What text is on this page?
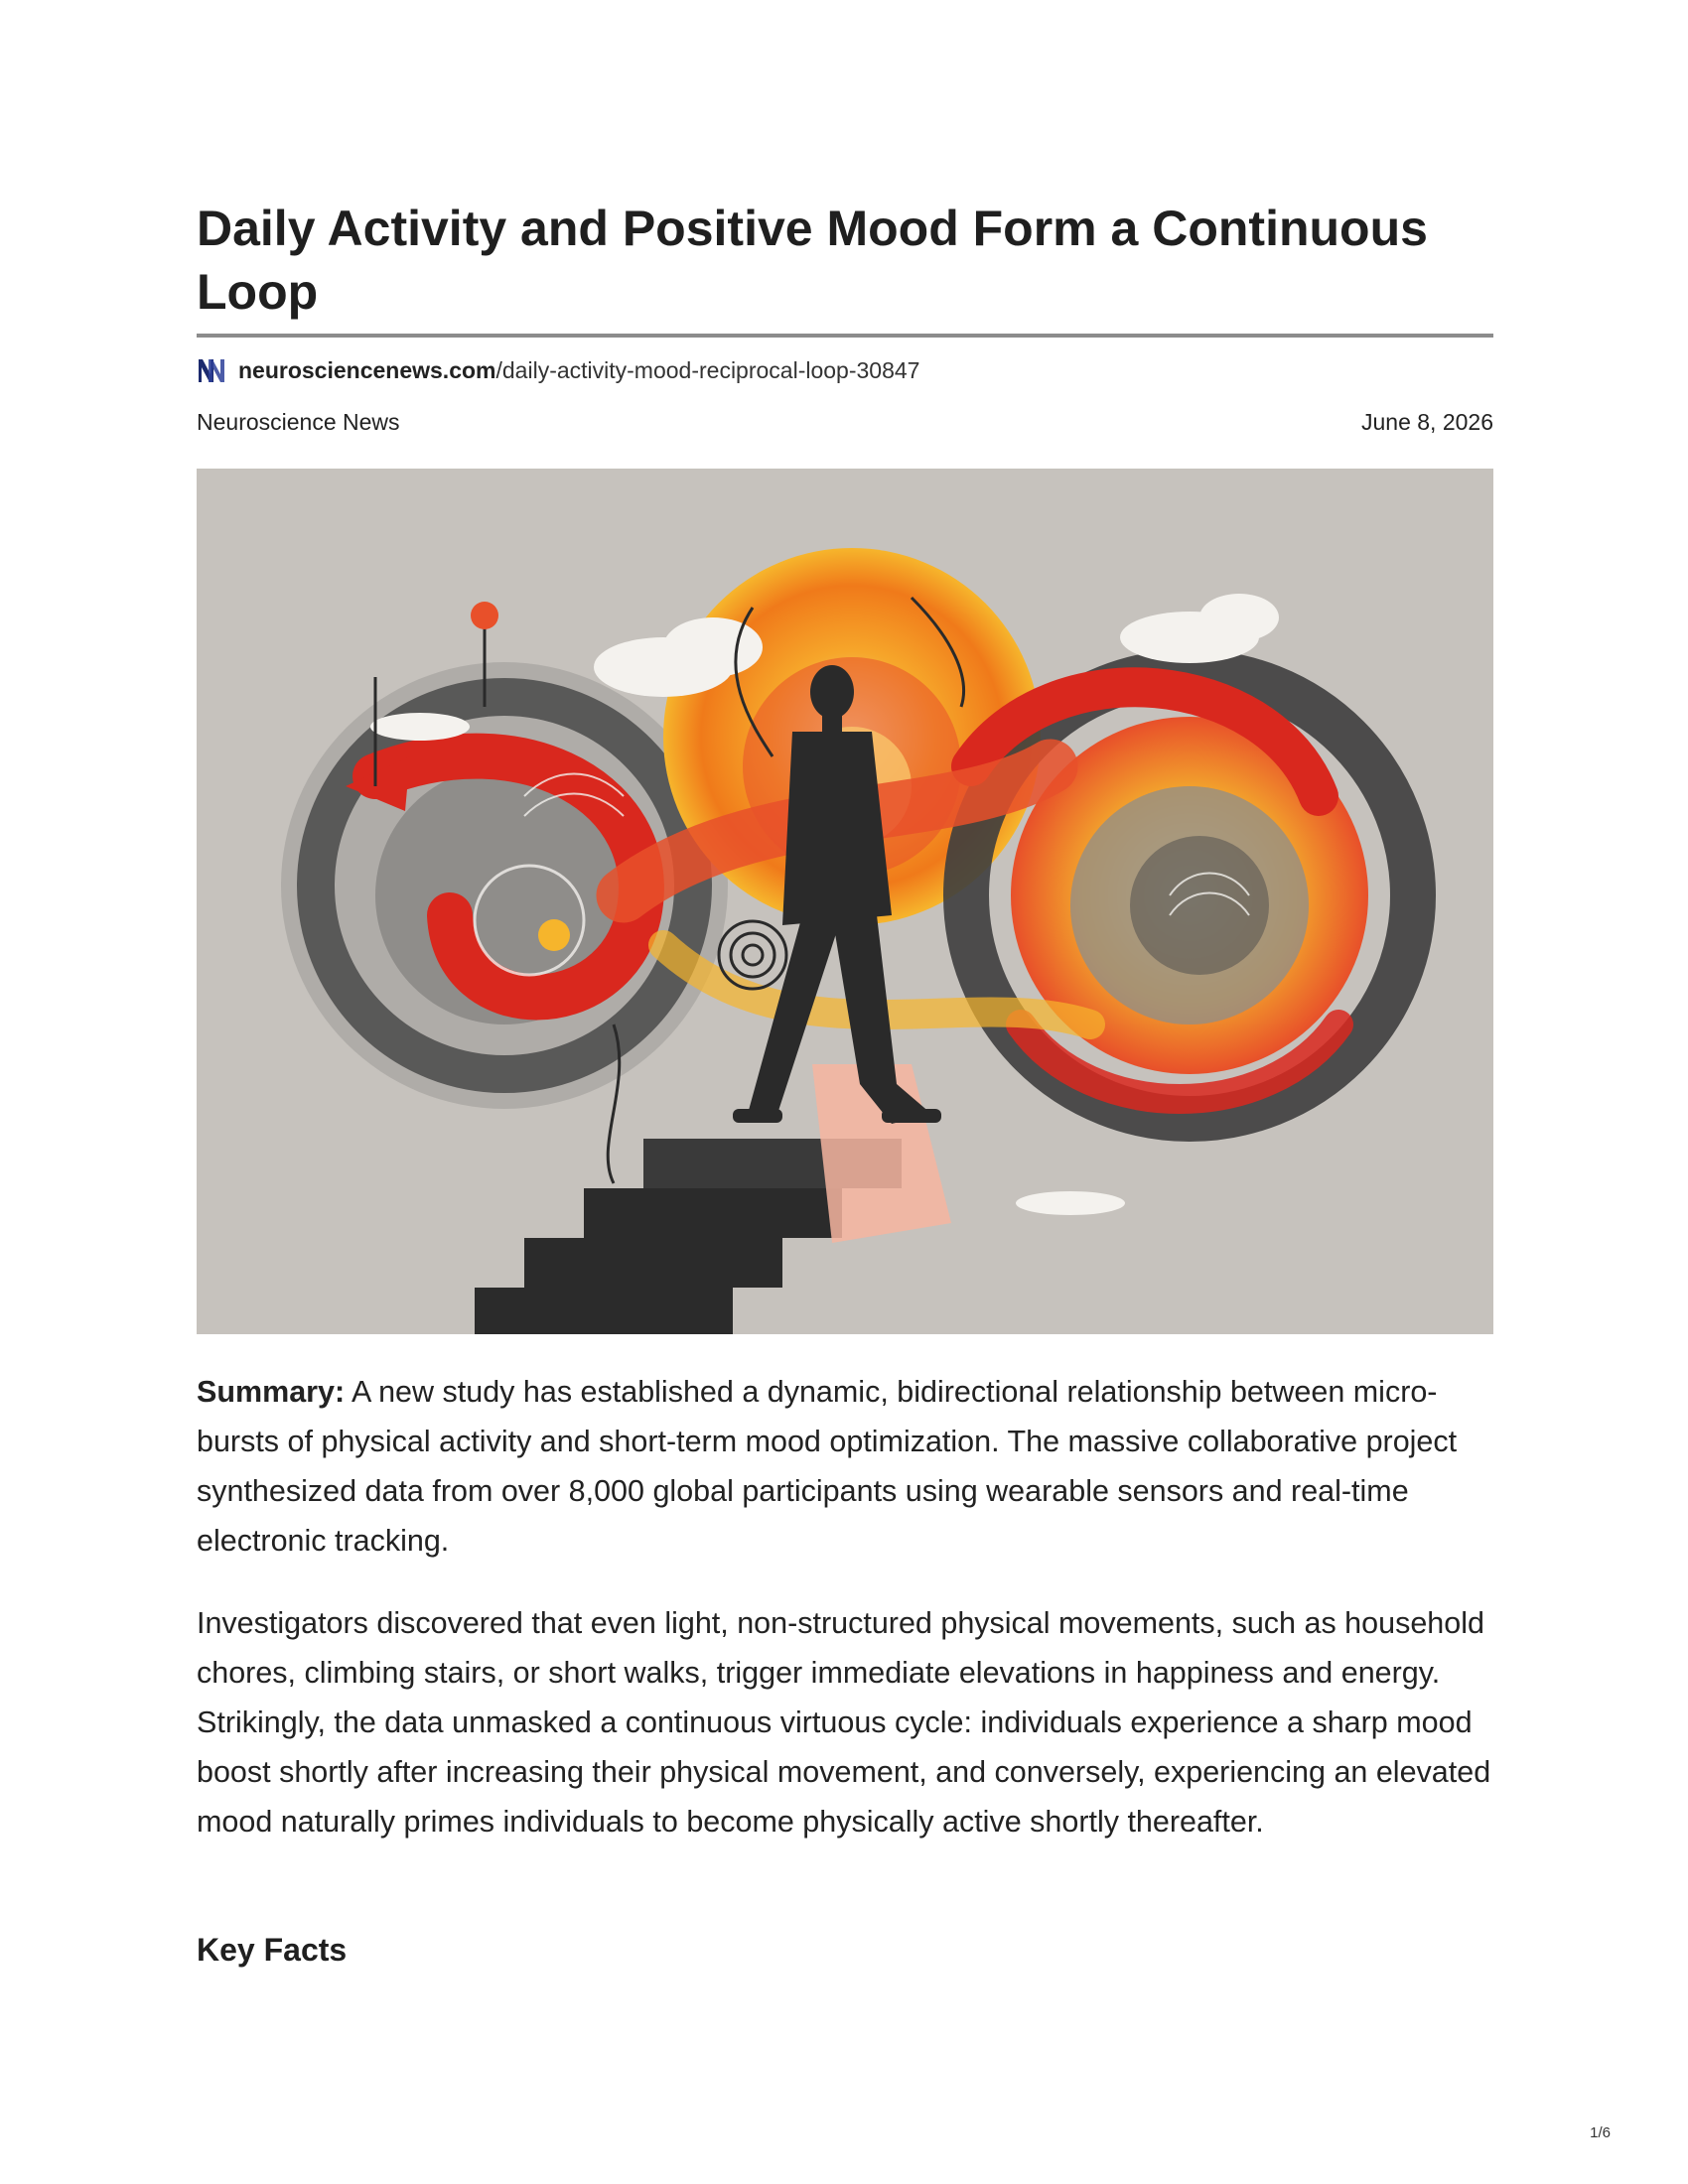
Daily Activity and Positive Mood Form a Continuous Loop
neurosciencenews.com /daily-activity-mood-reciprocal-loop-30847
Neuroscience News	June 8, 2026

Summary: A new study has established a dynamic, bidirectional relationship between micro-bursts of physical activity and short-term mood optimization. The massive collaborative project synthesized data from over 8,000 global participants using wearable sensors and real-time electronic tracking.

Investigators discovered that even light, non-structured physical movements, such as household chores, climbing stairs, or short walks, trigger immediate elevations in happiness and energy. Strikingly, the data unmasked a continuous virtuous cycle: individuals experience a sharp mood boost shortly after increasing their physical movement, and conversely, experiencing an elevated mood naturally primes individuals to become physically active shortly thereafter.

Key Facts
1/6
